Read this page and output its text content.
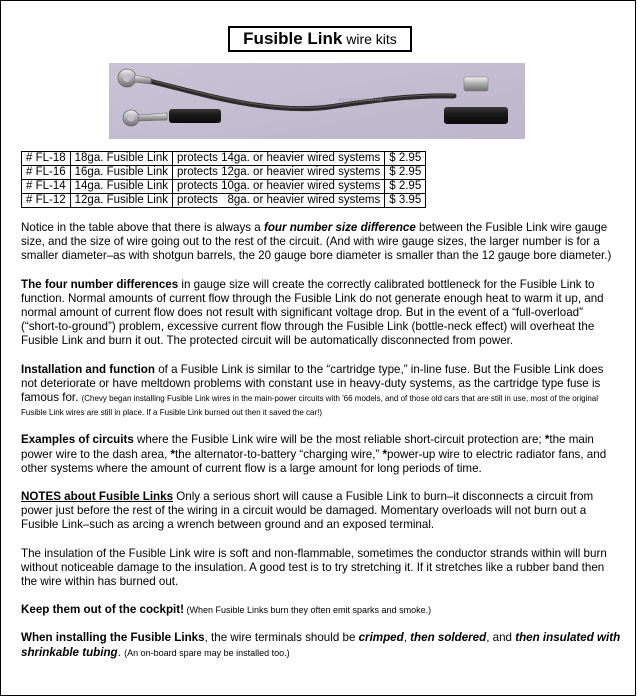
Fusible Link wire kits
XXX XXX FUSIBLE LINK
# FL-18	18ga. Fusible Link	protects 14ga. or heavier wired systems	$ 2.95
# FL-16	16ga. Fusible Link	protects 12ga. or heavier wired systems	$ 2.95
# FL-14	14ga. Fusible Link	protects 10ga. or heavier wired systems	$ 2.95
# FL-12	12ga. Fusible Link	protects   8ga. or heavier wired systems	$ 3.95

Notice in the table above that there is always a four number size difference between the Fusible Link wire gauge size, and the size of wire going out to the rest of the circuit. (And with wire gauge sizes, the larger number is for a smaller diameter–as with shotgun barrels, the 20 gauge bore diameter is smaller than the 12 gauge bore diameter.)

The four number differences in gauge size will create the correctly calibrated bottleneck for the Fusible Link to function. Normal amounts of current flow through the Fusible Link do not generate enough heat to warm it up, and normal amount of current flow does not result with significant voltage drop. But in the event of a “full-overload” (“short-to-ground”) problem, excessive current flow through the Fusible Link (bottle-neck effect) will overheat the Fusible Link and burn it out. The protected circuit will be automatically disconnected from power.

Installation and function of a Fusible Link is similar to the “cartridge type,” in-line fuse. But the Fusible Link does not deteriorate or have meltdown problems with constant use in heavy-duty systems, as the cartridge type fuse is famous for. (Chevy began installing Fusible Link wires in the main-power circuits with '66 models, and of those old cars that are still in use, most of the original Fusible Link wires are still in place. If a Fusible Link burned out then it saved the car!)

Examples of circuits where the Fusible Link wire will be the most reliable short-circuit protection are; *the main power wire to the dash area, *the alternator-to-battery “charging wire,” *power-up wire to electric radiator fans, and other systems where the amount of current flow is a large amount for long periods of time.

NOTES about Fusible Links Only a serious short will cause a Fusible Link to burn–it disconnects a circuit from power just before the rest of the wiring in a circuit would be damaged. Momentary overloads will not burn out a Fusible Link–such as arcing a wrench between ground and an exposed terminal.

The insulation of the Fusible Link wire is soft and non-flammable, sometimes the conductor strands within will burn without noticeable damage to the insulation. A good test is to try stretching it. If it stretches like a rubber band then the wire within has burned out.

Keep them out of the cockpit! (When Fusible Links burn they often emit sparks and smoke.)

When installing the Fusible Links, the wire terminals should be crimped, then soldered, and then insulated with shrinkable tubing. (An on-board spare may be installed too.)
